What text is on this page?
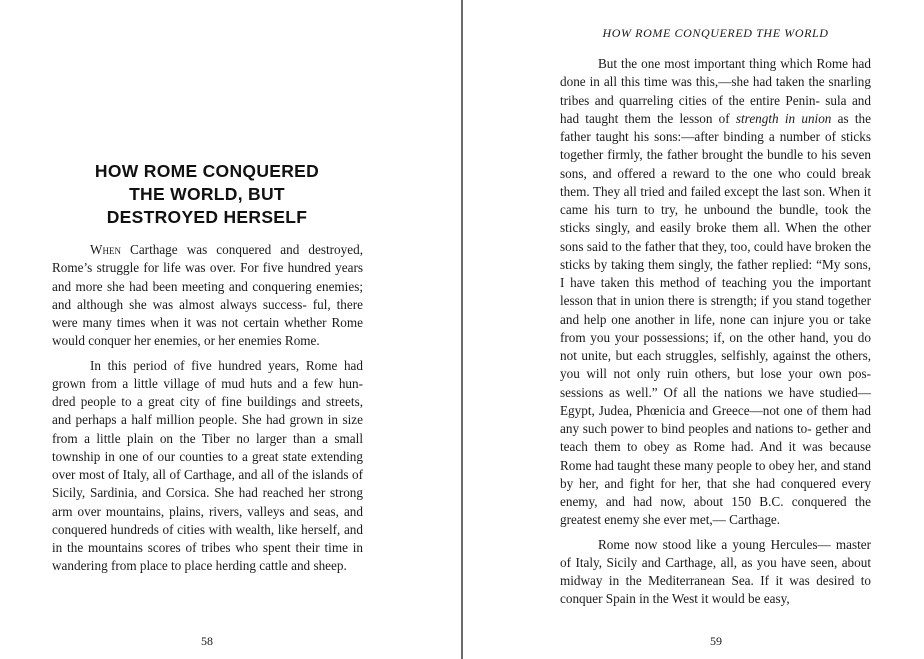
HOW ROME CONQUERED
THE WORLD, BUT
DESTROYED HERSELF

When Carthage was conquered and destroyed, Rome’s struggle for life was over. For five hundred years and more she had been meeting and conquering enemies; and although she was almost always success- ful, there were many times when it was not certain whether Rome would conquer her enemies, or her enemies Rome.

In this period of five hundred years, Rome had grown from a little village of mud huts and a few hun- dred people to a great city of fine buildings and streets, and perhaps a half million people. She had grown in size from a little plain on the Tiber no larger than a small township in one of our counties to a great state extending over most of Italy, all of Carthage, and all of the islands of Sicily, Sardinia, and Corsica. She had reached her strong arm over mountains, plains, rivers, valleys and seas, and conquered hundreds of cities with wealth, like herself, and in the mountains scores of tribes who spent their time in wandering from place to place herding cattle and sheep.

58
HOW ROME CONQUERED THE WORLD

But the one most important thing which Rome had done in all this time was this,—she had taken the snarling tribes and quarreling cities of the entire Penin- sula and had taught them the lesson of strength in union as the father taught his sons:—after binding a number of sticks together firmly, the father brought the bundle to his seven sons, and offered a reward to the one who could break them. They all tried and failed except the last son. When it came his turn to try, he unbound the bundle, took the sticks singly, and easily broke them all. When the other sons said to the father that they, too, could have broken the sticks by taking them singly, the father replied: “My sons, I have taken this method of teaching you the important lesson that in union there is strength; if you stand together and help one another in life, none can injure you or take from you your possessions; if, on the other hand, you do not unite, but each struggles, selfishly, against the others, you will not only ruin others, but lose your own pos- sessions as well.” Of all the nations we have studied— Egypt, Judea, Phœnicia and Greece—not one of them had any such power to bind peoples and nations to- gether and teach them to obey as Rome had. And it was because Rome had taught these many people to obey her, and stand by her, and fight for her, that she had conquered every enemy, and had now, about 150 B.C. conquered the greatest enemy she ever met,— Carthage.

Rome now stood like a young Hercules— master of Italy, Sicily and Carthage, all, as you have seen, about midway in the Mediterranean Sea. If it was desired to conquer Spain in the West it would be easy,

59
